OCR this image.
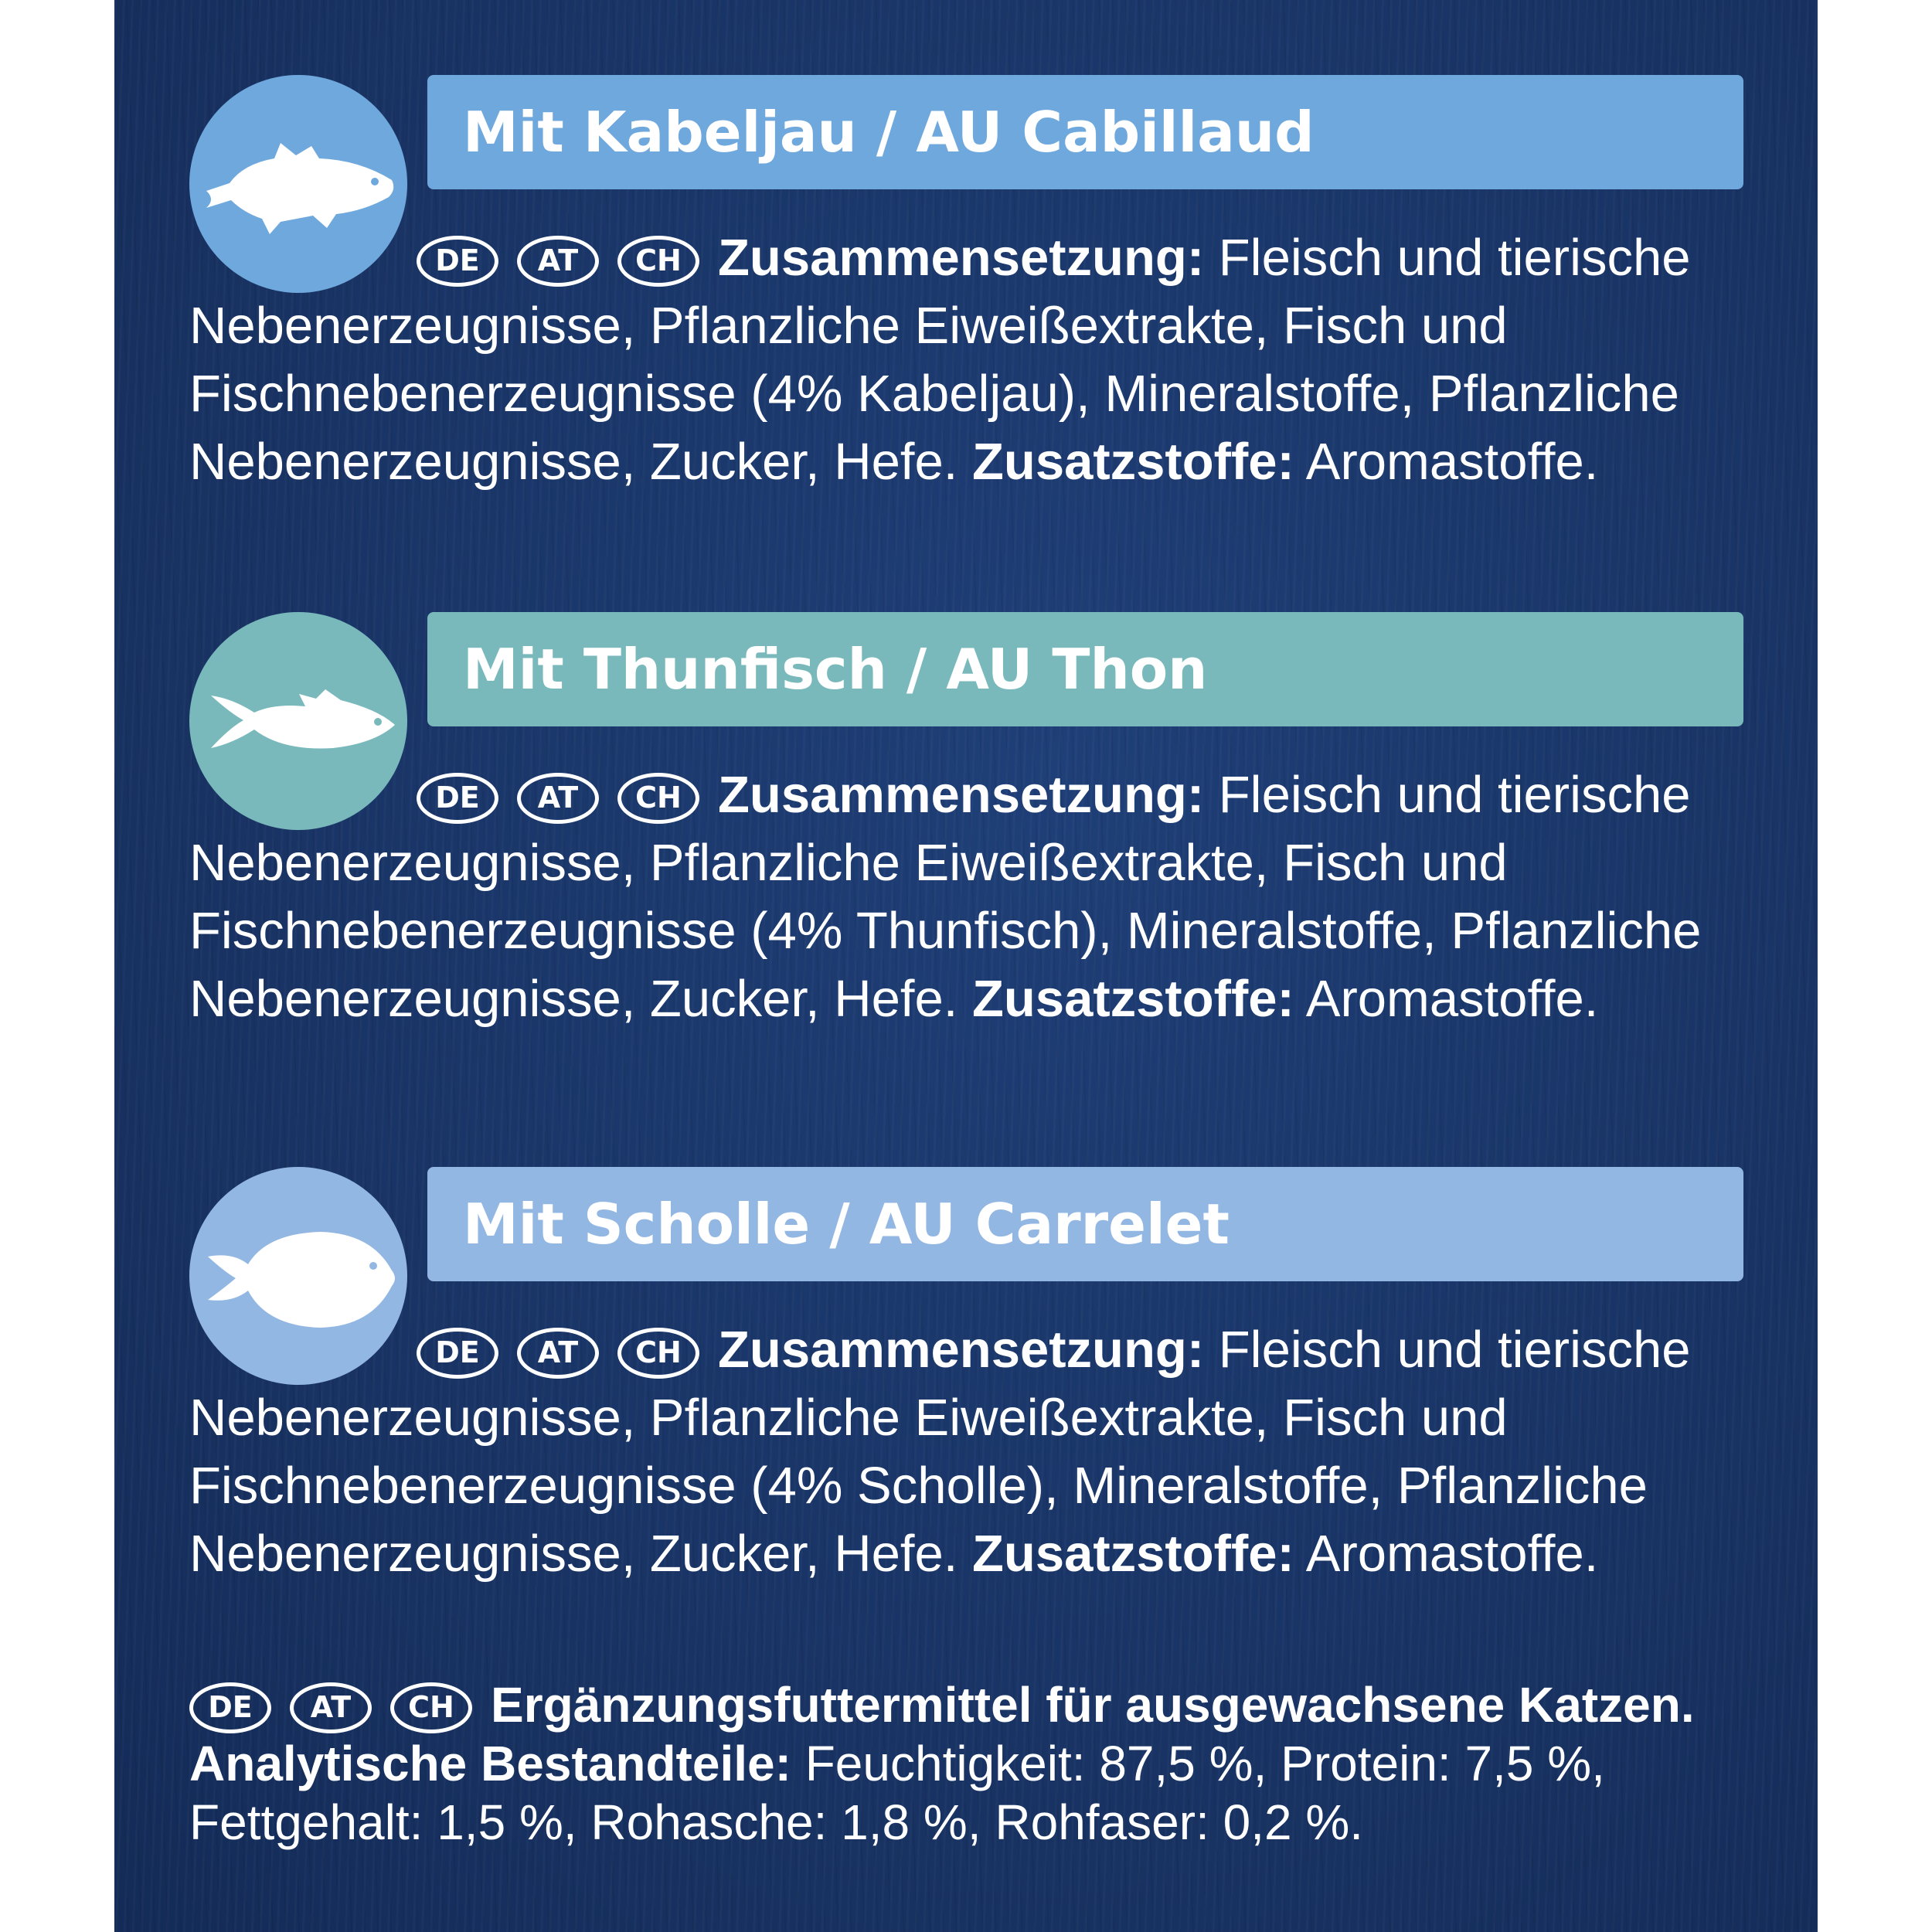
Mit Kabeljau / AU Cabillaud
DE AT CH Zusammensetzung: Fleisch und tierische Nebenerzeugnisse, Pflanzliche Eiweißextrakte, Fisch und Fischnebenerzeugnisse (4% Kabeljau), Mineralstoffe, Pflanzliche Nebenerzeugnisse, Zucker, Hefe. Zusatzstoffe: Aromastoffe.
Mit Thunfisch / AU Thon
DE AT CH Zusammensetzung: Fleisch und tierische Nebenerzeugnisse, Pflanzliche Eiweißextrakte, Fisch und Fischnebenerzeugnisse (4% Thunfisch), Mineralstoffe, Pflanzliche Nebenerzeugnisse, Zucker, Hefe. Zusatzstoffe: Aromastoffe.
Mit Scholle / AU Carrelet
DE AT CH Zusammensetzung: Fleisch und tierische Nebenerzeugnisse, Pflanzliche Eiweißextrakte, Fisch und Fischnebenerzeugnisse (4% Scholle), Mineralstoffe, Pflanzliche Nebenerzeugnisse, Zucker, Hefe. Zusatzstoffe: Aromastoffe.
DE AT CH Ergänzungsfuttermittel für ausgewachsene Katzen.
Analytische Bestandteile: Feuchtigkeit: 87,5 %, Protein: 7,5 %, Fettgehalt: 1,5 %, Rohasche: 1,8 %, Rohfaser: 0,2 %.
